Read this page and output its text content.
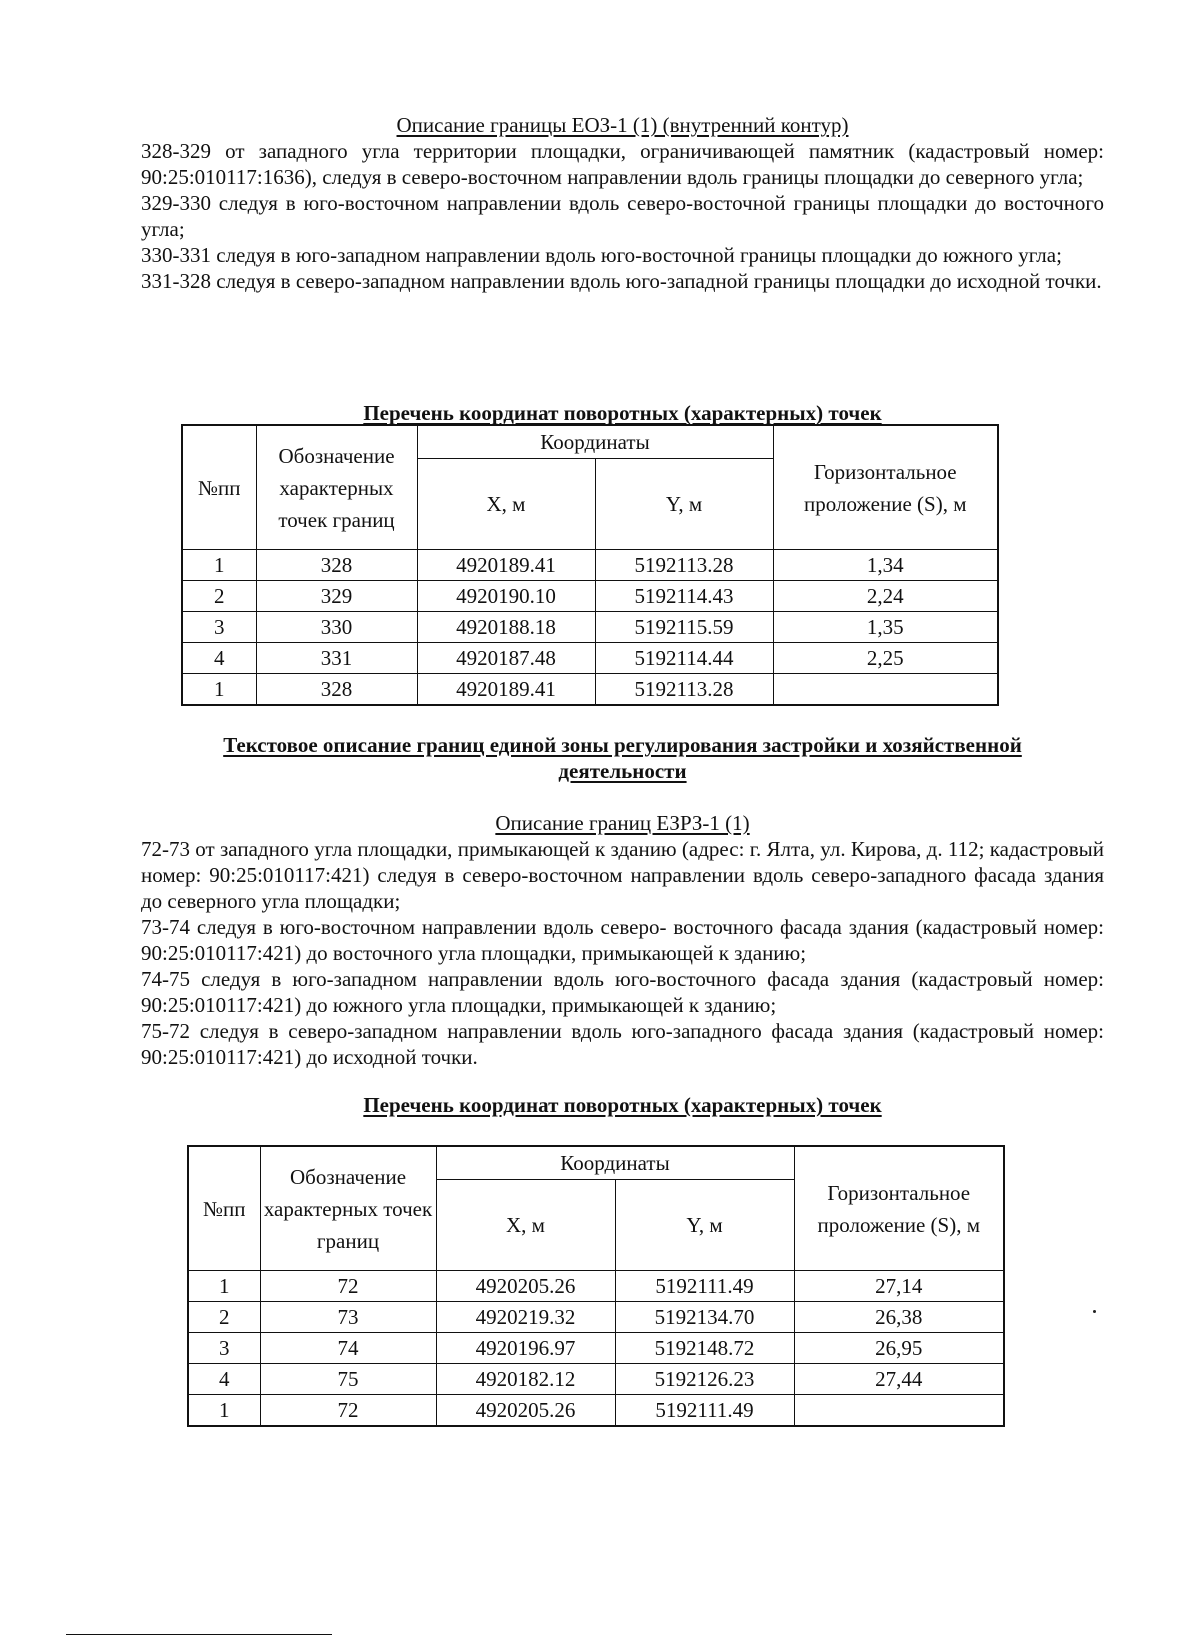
Описание границы ЕОЗ-1 (1) (внутренний контур)

328-329 от западного угла территории площадки, ограничивающей памятник (кадастровый номер: 90:25:010117:1636), следуя в северо-восточном направлении вдоль границы площадки до северного угла;

329-330 следуя в юго-восточном направлении вдоль северо-восточной границы площадки до восточного угла;

330-331 следуя в юго-западном направлении вдоль юго-восточной границы площадки до южного угла;

331-328 следуя в северо-западном направлении вдоль юго-западной границы площадки до исходной точки.

Перечень координат поворотных (характерных) точек
№пп	Обозначение характерных точек границ	Координаты		Горизонтальное проложение (S), м
		X, м	Y, м	
1	328	4920189.41	5192113.28	1,34
2	329	4920190.10	5192114.43	2,24
3	330	4920188.18	5192115.59	1,35
4	331	4920187.48	5192114.44	2,25
1	328	4920189.41	5192113.28	
Текстовое описание границ единой зоны регулирования застройки и хозяйственной
деятельности
Описание границ ЕЗРЗ-1 (1)

72-73 от западного угла площадки, примыкающей к зданию (адрес: г. Ялта, ул. Кирова, д. 112; кадастровый номер: 90:25:010117:421) следуя в северо-восточном направлении вдоль северо-западного фасада здания до северного угла площадки;

73-74 следуя в юго-восточном направлении вдоль северо- восточного фасада здания (кадастровый номер: 90:25:010117:421) до восточного угла площадки, примыкающей к зданию;

74-75 следуя в юго-западном направлении вдоль юго-восточного фасада здания (кадастровый номер: 90:25:010117:421) до южного угла площадки, примыкающей к зданию;

75-72 следуя в северо-западном направлении вдоль юго-западного фасада здания (кадастровый номер: 90:25:010117:421) до исходной точки.

Перечень координат поворотных (характерных) точек
№пп	Обозначение характерных точек границ	Координаты		Горизонтальное проложение (S), м
		X, м	Y, м	
1	72	4920205.26	5192111.49	27,14
2	73	4920219.32	5192134.70	26,38
3	74	4920196.97	5192148.72	26,95
4	75	4920182.12	5192126.23	27,44
1	72	4920205.26	5192111.49	
